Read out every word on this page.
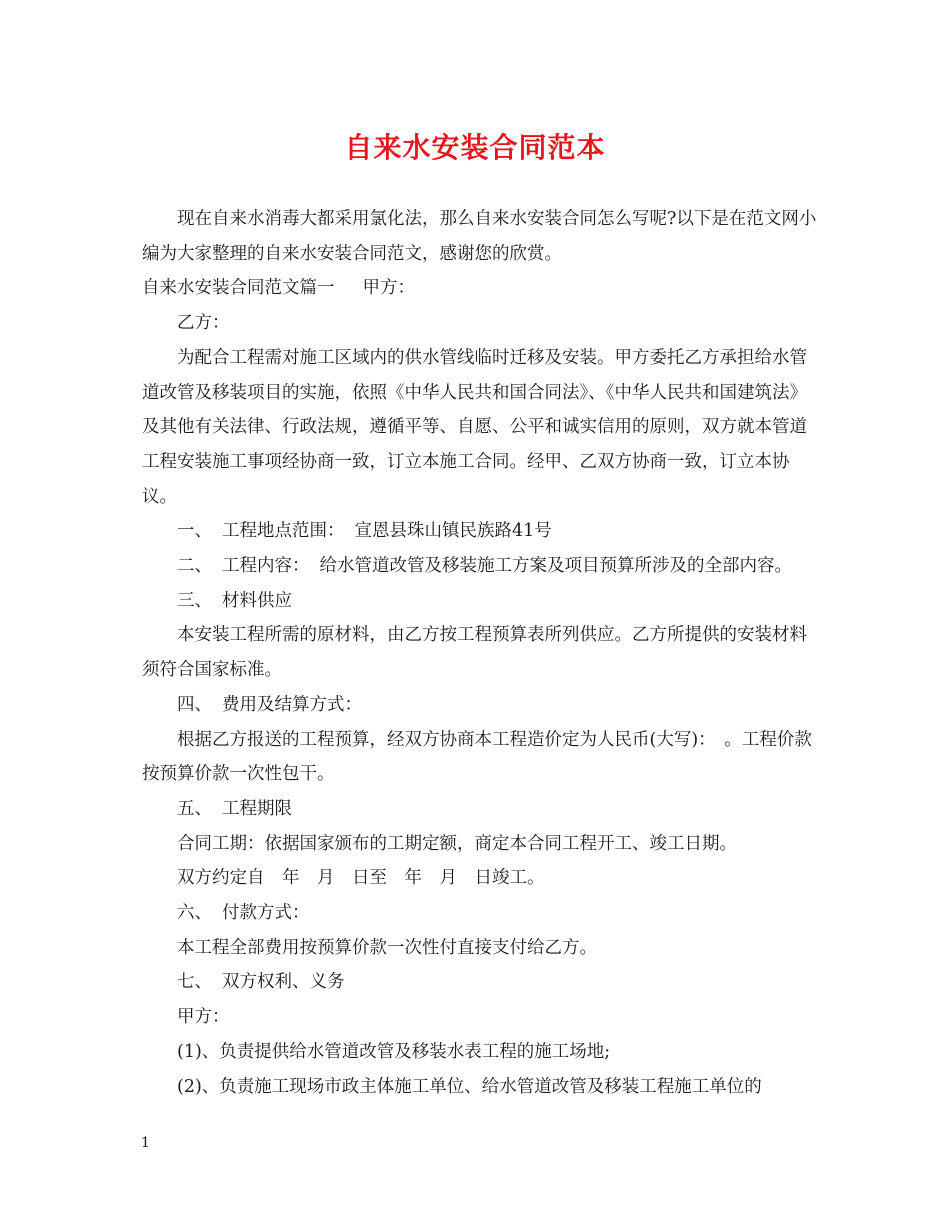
自来水安装合同范本

现在自来水消毒大都采用氯化法，那么自来水安装合同怎么写呢?以下是在范文网小编为大家整理的自来水安装合同范文，感谢您的欣赏。

自来水安装合同范文篇一 甲方：

乙方：

为配合工程需对施工区域内的供水管线临时迁移及安装。甲方委托乙方承担给水管道改管及移装项目的实施，依照《中华人民共和国合同法》、《中华人民共和国建筑法》及其他有关法律、行政法规，遵循平等、自愿、公平和诚实信用的原则，双方就本管道工程安装施工事项经协商一致，订立本施工合同。经甲、乙双方协商一致，订立本协议。

一、 工程地点范围： 宣恩县珠山镇民族路41号

二、 工程内容： 给水管道改管及移装施工方案及项目预算所涉及的全部内容。

三、 材料供应

本安装工程所需的原材料，由乙方按工程预算表所列供应。乙方所提供的安装材料须符合国家标准。

四、 费用及结算方式：

根据乙方报送的工程预算，经双方协商本工程造价定为人民币(大写)：　。工程价款按预算价款一次性包干。

五、 工程期限

合同工期：依据国家颁布的工期定额，商定本合同工程开工、竣工日期。

双方约定自　年　月　日至　年　月　日竣工。

六、 付款方式：

本工程全部费用按预算价款一次性付直接支付给乙方。

七、 双方权利、义务

甲方：

(1)、负责提供给水管道改管及移装水表工程的施工场地;

(2)、负责施工现场市政主体施工单位、给水管道改管及移装工程施工单位的

1
